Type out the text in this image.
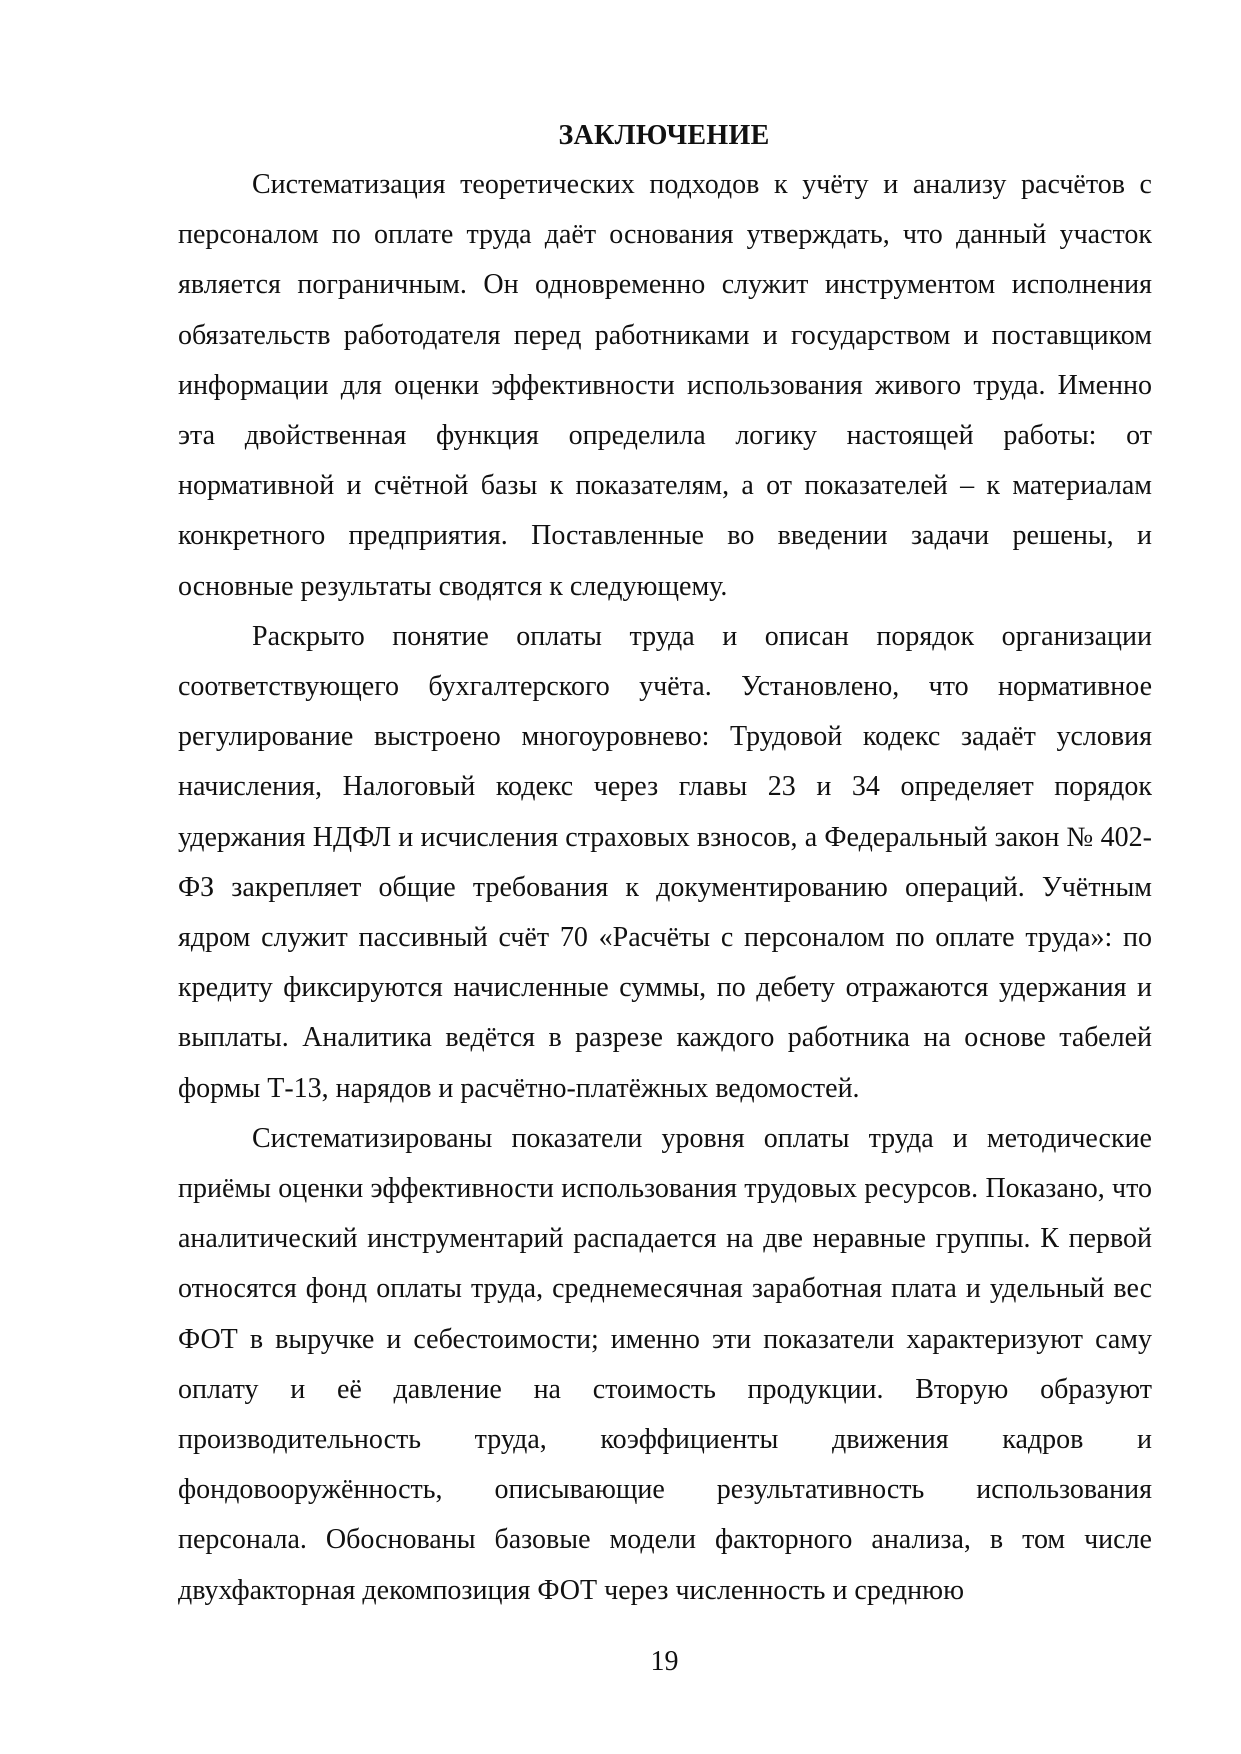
ЗАКЛЮЧЕНИЕ

Систематизация теоретических подходов к учёту и анализу расчётов с персоналом по оплате труда даёт основания утверждать, что данный участок является пограничным. Он одновременно служит инструментом исполнения обязательств работодателя перед работниками и государством и поставщиком информации для оценки эффективности использования живого труда. Именно эта двойственная функция определила логику настоящей работы: от нормативной и счётной базы к показателям, а от показателей – к материалам конкретного предприятия. Поставленные во введении задачи решены, и основные результаты сводятся к следующему.

Раскрыто понятие оплаты труда и описан порядок организации соответствующего бухгалтерского учёта. Установлено, что нормативное регулирование выстроено многоуровнево: Трудовой кодекс задаёт условия начисления, Налоговый кодекс через главы 23 и 34 определяет порядок удержания НДФЛ и исчисления страховых взносов, а Федеральный закон № 402-ФЗ закрепляет общие требования к документированию операций. Учётным ядром служит пассивный счёт 70 «Расчёты с персоналом по оплате труда»: по кредиту фиксируются начисленные суммы, по дебету отражаются удержания и выплаты. Аналитика ведётся в разрезе каждого работника на основе табелей формы Т-13, нарядов и расчётно-платёжных ведомостей.

Систематизированы показатели уровня оплаты труда и методические приёмы оценки эффективности использования трудовых ресурсов. Показано, что аналитический инструментарий распадается на две неравные группы. К первой относятся фонд оплаты труда, среднемесячная заработная плата и удельный вес ФОТ в выручке и себестоимости; именно эти показатели характеризуют саму оплату и её давление на стоимость продукции. Вторую образуют производительность труда, коэффициенты движения кадров и фондовооружённость, описывающие результативность использования персонала. Обоснованы базовые модели факторного анализа, в том числе двухфакторная декомпозиция ФОТ через численность и среднюю

19
